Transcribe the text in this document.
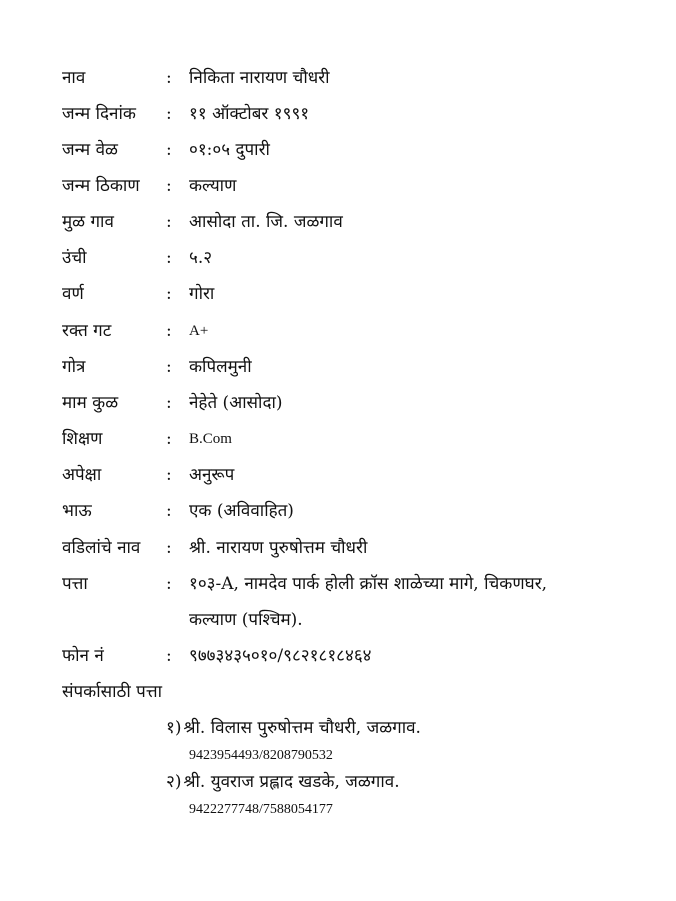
नाव	: निकिता नारायण चौधरी
जन्म दिनांक	: ११ ऑक्टोबर १९९१
जन्म वेळ	: ०१:०५ दुपारी
जन्म ठिकाण	: कल्याण
मुळ गाव	: आसोदा ता. जि. जळगाव
उंची	: ५.२
वर्ण	: गोरा
रक्त गट	: A+
गोत्र	: कपिलमुनी
माम कुळ	: नेहेते (आसोदा)
शिक्षण	: B.Com
अपेक्षा	: अनुरूप
भाऊ	: एक (अविवाहित)
वडिलांचे नाव	: श्री. नारायण पुरुषोत्तम चौधरी
पत्ता	: १०३-A, नामदेव पार्क होली क्रॉस शाळेच्या मागे, चिकणघर,
कल्याण (पश्चिम).
फोन नं	: ९७७३४३५०१०/९८२१८१८४६४
संपर्कासाठी पत्ता
१) श्री. विलास पुरुषोत्तम चौधरी, जळगाव.
9423954493/8208790532
२) श्री. युवराज प्रह्लाद खडके, जळगाव.
9422277748/7588054177
